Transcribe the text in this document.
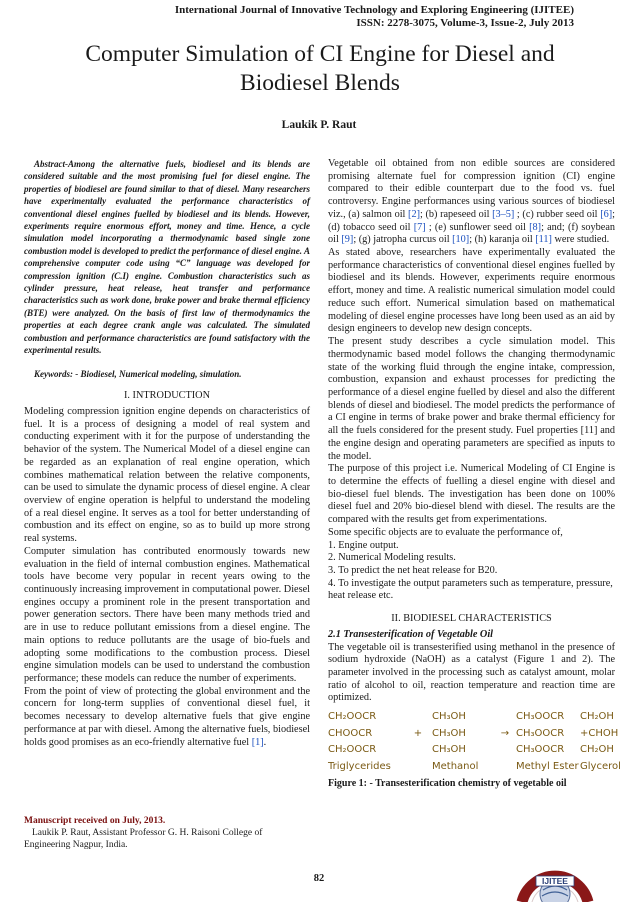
International Journal of Innovative Technology and Exploring Engineering (IJITEE)
ISSN: 2278-3075, Volume-3, Issue-2, July 2013
Computer Simulation of CI Engine for Diesel and Biodiesel Blends
Laukik P. Raut

Abstract-Among the alternative fuels, biodiesel and its blends are considered suitable and the most promising fuel for diesel engine. The properties of biodiesel are found similar to that of diesel. Many researchers have experimentally evaluated the performance characteristics of conventional diesel engines fuelled by biodiesel and its blends. However, experiments require enormous effort, money and time. Hence, a cycle simulation model incorporating a thermodynamic based single zone combustion model is developed to predict the performance of diesel engine. A comprehensive computer code using “C” language was developed for compression ignition (C.I) engine. Combustion characteristics such as cylinder pressure, heat release, heat transfer and performance characteristics such as work done, brake power and brake thermal efficiency (BTE) were analyzed. On the basis of first law of thermodynamics the properties at each degree crank angle was calculated. The simulated combustion and performance characteristics are found satisfactory with the experimental results.

Keywords: - Biodiesel, Numerical modeling, simulation.

I. INTRODUCTION

Modeling compression ignition engine depends on characteristics of fuel. It is a process of designing a model of real system and conducting experiment with it for the purpose of understanding the behavior of the system. The Numerical Model of a diesel engine can be regarded as an explanation of real engine operation, which combines mathematical relation between the relative components, can be used to simulate the dynamic process of diesel engine. A clear overview of engine operation is helpful to understand the modeling of a real diesel engine. It serves as a tool for better understanding of combustion and its effect on engine, so as to build up more strong real systems.

Computer simulation has contributed enormously towards new evaluation in the field of internal combustion engines. Mathematical tools have become very popular in recent years owing to the continuously increasing improvement in computational power. Diesel engines occupy a prominent role in the present transportation and power generation sectors. There have been many methods tried and are in use to reduce pollutant emissions from a diesel engine. The main options to reduce pollutants are the usage of bio-fuels and adopting some modifications to the combustion process. Diesel engine simulation models can be used to understand the combustion performance; these models can reduce the number of experiments.

From the point of view of protecting the global environment and the concern for long-term supplies of conventional diesel fuel, it becomes necessary to develop alternative fuels that give engine performance at par with diesel. Among the alternative fuels, biodiesel holds good promises as an eco-friendly alternative fuel [1].

Manuscript received on July, 2013.
Laukik P. Raut, Assistant Professor G. H. Raisoni College of Engineering Nagpur, India.

Vegetable oil obtained from non edible sources are considered promising alternate fuel for compression ignition (CI) engine compared to their edible counterpart due to the food vs. fuel controversy. Engine performances using various sources of biodiesel viz., (a) salmon oil [2]; (b) rapeseed oil [3–5] ; (c) rubber seed oil [6]; (d) tobacco seed oil [7] ; (e) sunflower seed oil [8]; and; (f) soybean oil [9]; (g) jatropha curcus oil [10]; (h) karanja oil [11] were studied.

As stated above, researchers have experimentally evaluated the performance characteristics of conventional diesel engines fuelled by biodiesel and its blends. However, experiments require enormous effort, money and time. A realistic numerical simulation model could reduce such effort. Numerical simulation based on mathematical modeling of diesel engine processes have long been used as an aid by design engineers to develop new design concepts.

The present study describes a cycle simulation model. This thermodynamic based model follows the changing thermodynamic state of the working fluid through the engine intake, compression, combustion, expansion and exhaust processes for predicting the performance of a diesel engine fuelled by diesel and also the different blends of diesel and biodiesel. The model predicts the performance of a CI engine in terms of brake power and brake thermal efficiency for all the fuels considered for the present study. Fuel properties [11] and the engine design and operating parameters are specified as inputs to the model.

The purpose of this project i.e. Numerical Modeling of CI Engine is to determine the effects of fuelling a diesel engine with diesel and bio-diesel fuel blends. The investigation has been done on 100% diesel fuel and 20% bio-diesel blend with diesel. The results are the compared with the results get from experimentations.

Some specific objects are to evaluate the performance of,

1. Engine output.

2. Numerical Modeling results.

3. To predict the net heat release for B20.

4. To investigate the output parameters such as temperature, pressure, heat release etc.

II. BIODIESEL CHARACTERISTICS

2.1 Transesterification of Vegetable Oil

The vegetable oil is transesterified using methanol in the presence of sodium hydroxide (NaOH) as a catalyst (Figure 1 and 2). The parameter involved in the processing such as catalyst amount, molar ratio of alcohol to oil, reaction temperature and reaction time are optimized.

CH₂OOCR	CH₃OH	CH₃OOCR	CH₂OH
CHOOCR	+ CH₃OH	→ CH₃OOCR	+CHOH
CH₂OOCR	CH₃OH	CH₃OOCR	CH₂OH
Triglycerides	Methanol	Methyl Ester Glycerol

Figure 1: - Transesterification chemistry of vegetable oil

82	IJITEE
